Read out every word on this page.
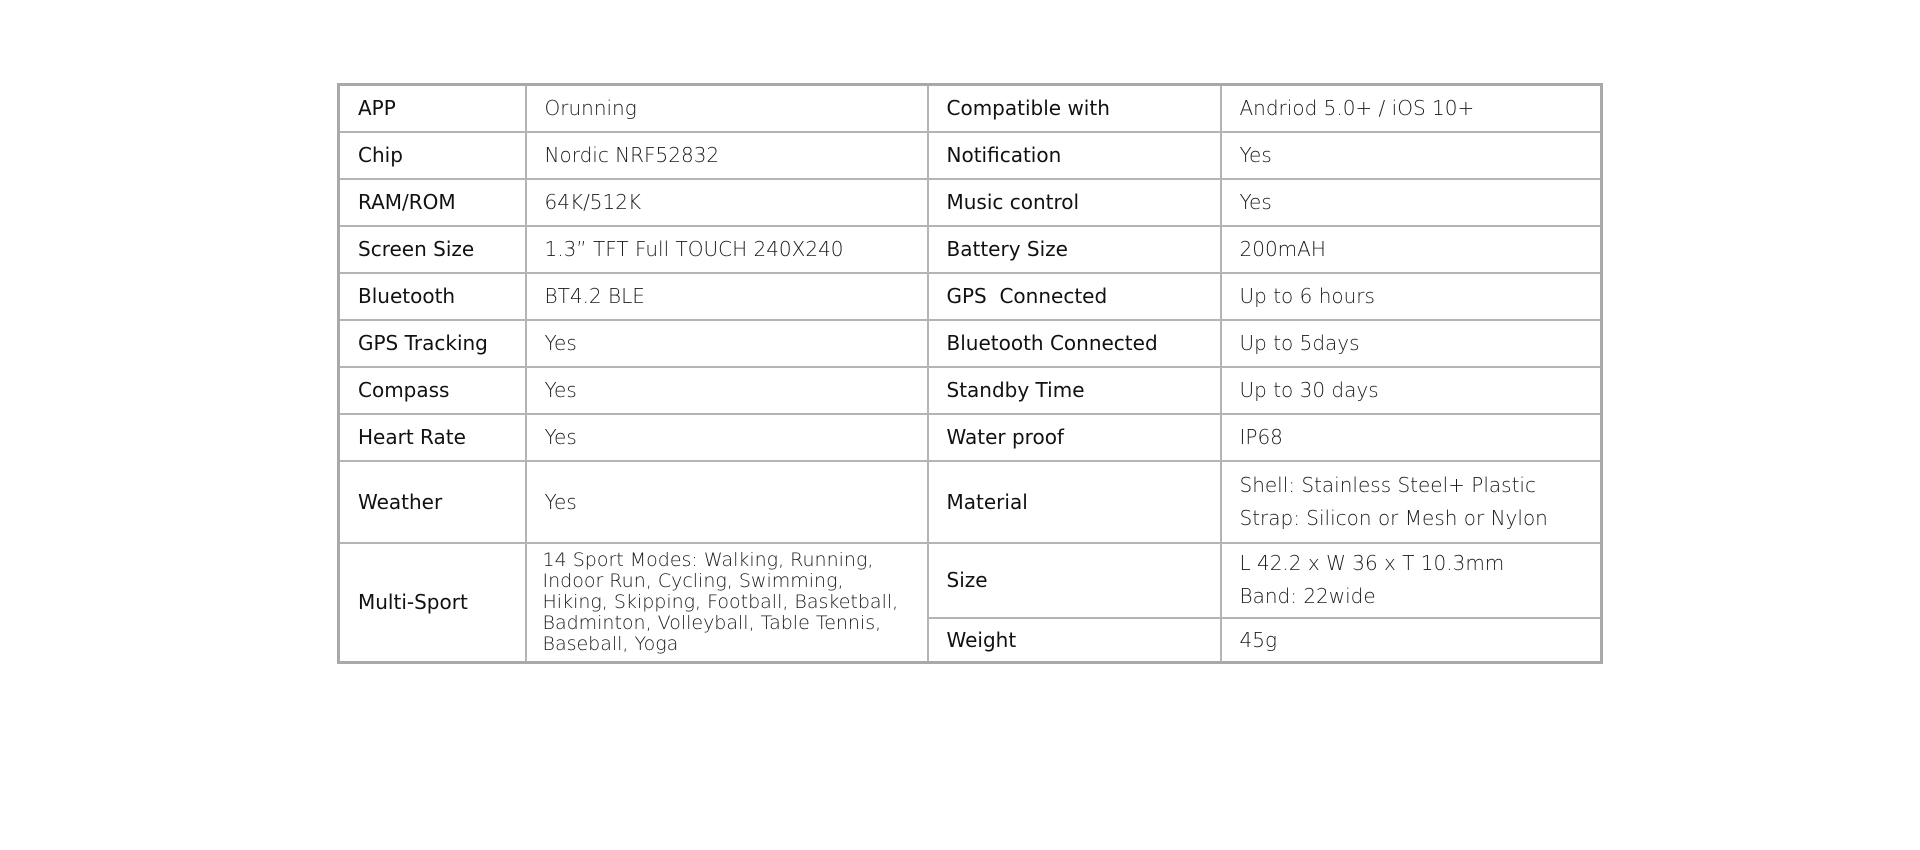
APP	Orunning	Compatible with	Andriod 5.0+ / iOS 10+
Chip	Nordic NRF52832	Notification	Yes
RAM/ROM	64K/512K	Music control	Yes
Screen Size	1.3” TFT Full TOUCH 240X240	Battery Size	200mAH
Bluetooth	BT4.2 BLE	GPS  Connected	Up to 6 hours
GPS Tracking	Yes	Bluetooth Connected	Up to 5days
Compass	Yes	Standby Time	Up to 30 days
Heart Rate	Yes	Water proof	IP68
Weather	Yes	Material	Shell: Stainless Steel+ Plastic
Strap: Silicon or Mesh or Nylon

Multi-Sport	14 Sport Modes: Walking, Running, Indoor Run, Cycling, Swimming, Hiking, Skipping, Football, Basketball, Badminton, Volleyball, Table Tennis, Baseball, Yoga	Size	L 42.2 x W 36 x T 10.3mm
Band: 22wide

		Weight	45g
